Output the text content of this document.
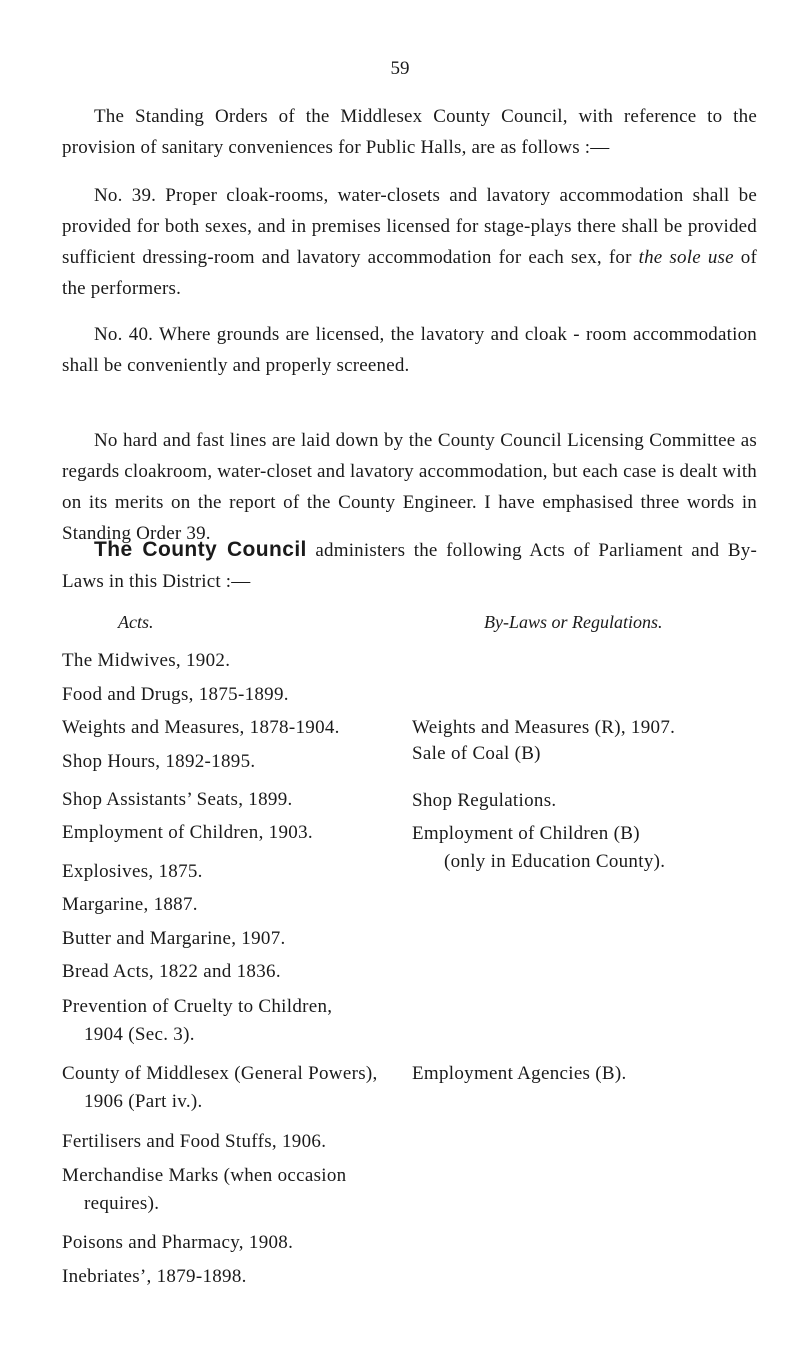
59

The Standing Orders of the Middlesex County Council, with reference to the provision of sanitary conveniences for Public Halls, are as follows :—

No. 39. Proper cloak-rooms, water-closets and lavatory accommodation shall be provided for both sexes, and in premises licensed for stage-plays there shall be provided sufficient dressing-room and lavatory accommodation for each sex, for the sole use of the performers.

No. 40. Where grounds are licensed, the lavatory and cloak - room accommodation shall be conveniently and properly screened.

No hard and fast lines are laid down by the County Council Licensing Committee as regards cloakroom, water-closet and lavatory accommodation, but each case is dealt with on its merits on the report of the County Engineer. I have emphasised three words in Standing Order 39.

The County Council administers the following Acts of Parliament and By-Laws in this District :—

Acts.	By-Laws or Regulations.
The Midwives, 1902.
Food and Drugs, 1875-1899.
Weights and Measures, 1878-1904.
Shop Hours, 1892-1895.
Shop Assistants’ Seats, 1899.
Employment of Children, 1903.
Explosives, 1875.
Margarine, 1887.
Butter and Margarine, 1907.
Bread Acts, 1822 and 1836.
Prevention of Cruelty to Children,
1904 (Sec. 3).
County of Middlesex (General Powers),
1906 (Part iv.).
Fertilisers and Food Stuffs, 1906.
Merchandise Marks (when occasion
requires).
Poisons and Pharmacy, 1908.
Inebriates’, 1879-1898.
Weights and Measures (R), 1907.
Sale of Coal (B)
Shop Regulations.
Employment of Children (B)
(only in Education County).
Employment Agencies (B).
